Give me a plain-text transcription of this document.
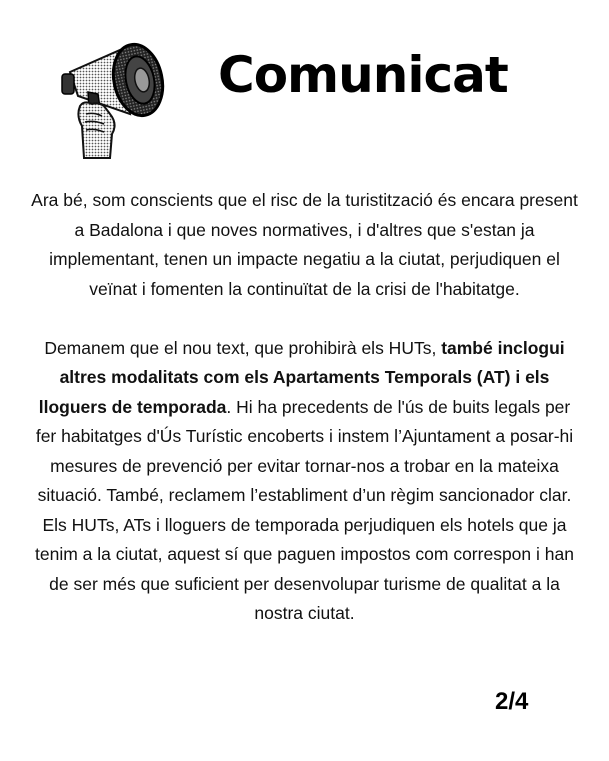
Comunicat

Ara bé, som conscients que el risc de la turistització és encara present a Badalona i que noves normatives, i d'altres que s'estan ja implementant, tenen un impacte negatiu a la ciutat, perjudiquen el veïnat i fomenten la continuïtat de la crisi de l'habitatge.

Demanem que el nou text, que prohibirà els HUTs, també inclogui altres modalitats com els Apartaments Temporals (AT) i els lloguers de temporada. Hi ha precedents de l'ús de buits legals per fer habitatges d'Ús Turístic encoberts i instem l’Ajuntament a posar-hi mesures de prevenció per evitar tornar-nos a trobar en la mateixa situació. També, reclamem l’establiment d’un règim sancionador clar.

Els HUTs, ATs i lloguers de temporada perjudiquen els hotels que ja tenim a la ciutat, aquest sí que paguen impostos com correspon i han de ser més que suficient per desenvolupar turisme de qualitat a la nostra ciutat.

2/4
